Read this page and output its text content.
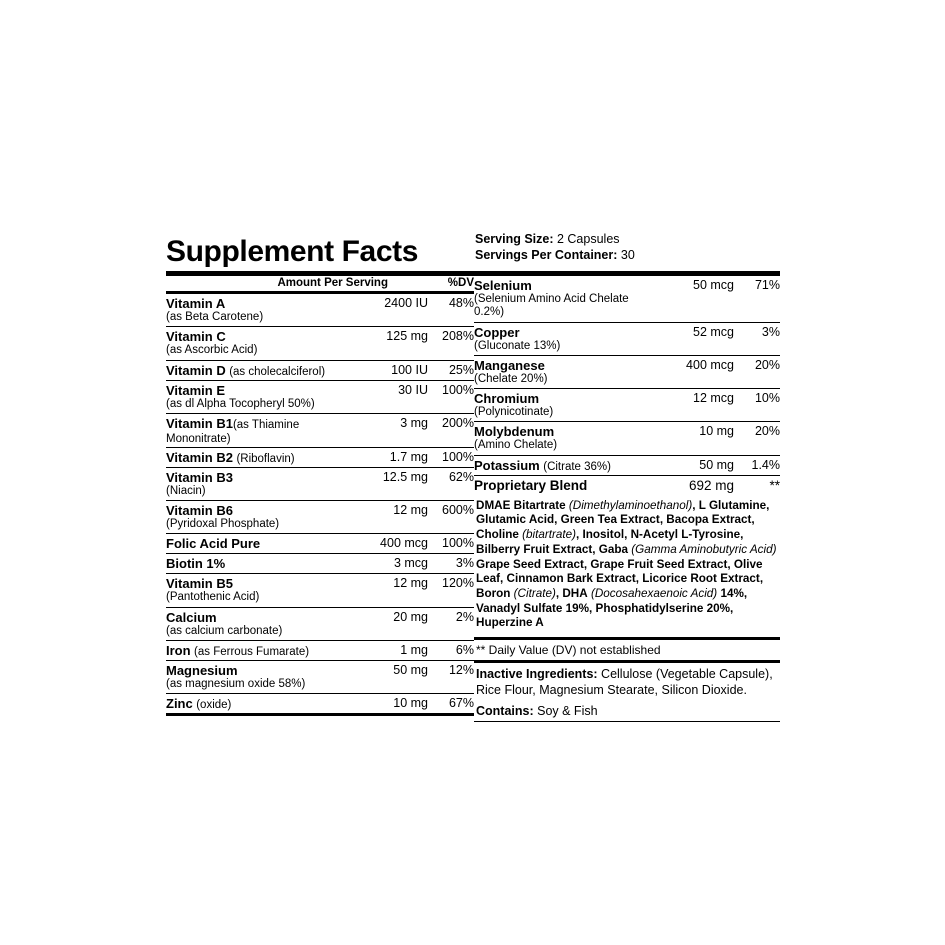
Supplement Facts	Serving Size: 2 Capsules
Servings Per Container: 30
Amount Per Serving	%DV
Vitamin A
(as Beta Carotene)	2400 IU	48%
Vitamin C
(as Ascorbic Acid)	125 mg	208%
Vitamin D (as cholecalciferol)	100 IU	25%
Vitamin E
(as dl Alpha Tocopheryl 50%)	30 IU	100%
Vitamin B1(as Thiamine Mononitrate)	3 mg	200%
Vitamin B2 (Riboflavin)	1.7 mg	100%
Vitamin B3
(Niacin)	12.5 mg	62%
Vitamin B6
(Pyridoxal Phosphate)	12 mg	600%
Folic Acid Pure	400 mcg	100%
Biotin 1%	3 mcg	3%
Vitamin B5
(Pantothenic Acid)	12 mg	120%
Calcium
(as calcium carbonate)	20 mg	2%
Iron (as Ferrous Fumarate)	1 mg	6%
Magnesium
(as magnesium oxide 58%)	50 mg	12%
Zinc (oxide)	10 mg	67%
Selenium
(Selenium Amino Acid Chelate 0.2%)	50 mcg	71%
Copper
(Gluconate 13%)	52 mcg	3%
Manganese
(Chelate 20%)	400 mcg	20%
Chromium
(Polynicotinate)	12 mcg	10%
Molybdenum
(Amino Chelate)	10 mg	20%
Potassium (Citrate 36%)	50 mg	1.4%
Proprietary Blend	692 mg	**
DMAE Bitartrate (Dimethylaminoethanol), L Glutamine, Glutamic Acid, Green Tea Extract, Bacopa Extract, Choline (bitartrate), Inositol, N-Acetyl L-Tyrosine, Bilberry Fruit Extract, Gaba (Gamma Aminobutyric Acid) Grape Seed Extract, Grape Fruit Seed Extract, Olive Leaf, Cinnamon Bark Extract, Licorice Root Extract, Boron (Citrate), DHA (Docosahexaenoic Acid) 14%, Vanadyl Sulfate 19%, Phosphatidylserine 20%, Huperzine A
** Daily Value (DV) not established
Inactive Ingredients: Cellulose (Vegetable Capsule), Rice Flour, Magnesium Stearate, Silicon Dioxide.
Contains: Soy & Fish
